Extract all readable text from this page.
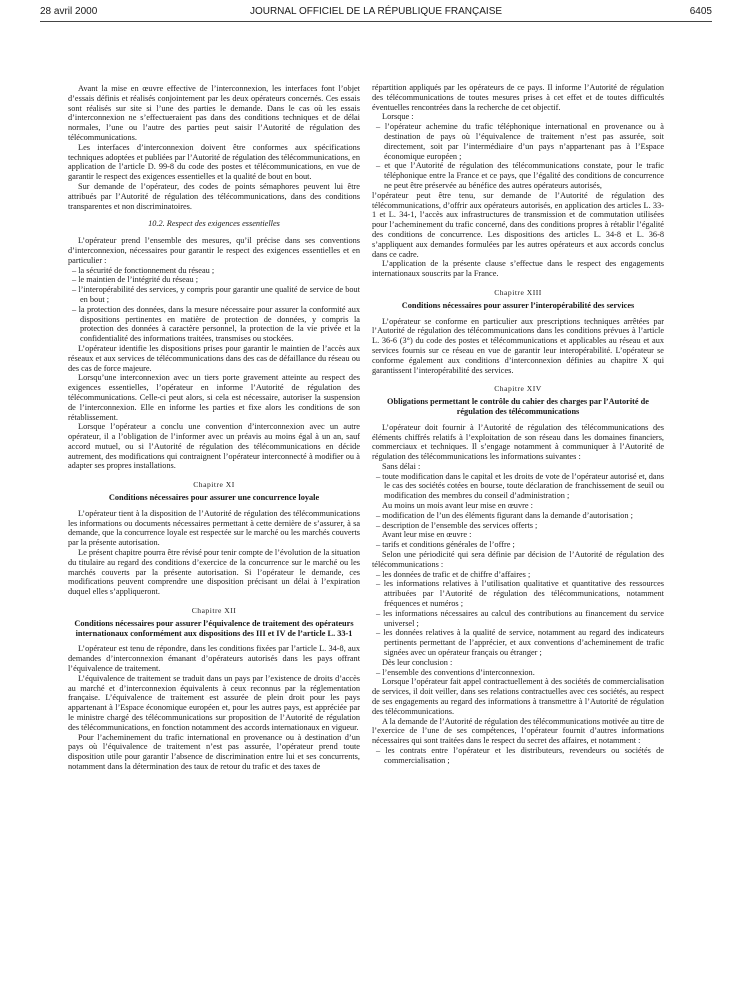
JOURNAL OFFICIEL DE LA RÉPUBLIQUE FRANÇAISE
28 avril 2000	6405

Avant la mise en œuvre effective de l’interconnexion, les interfaces font l’objet d’essais définis et réalisés conjointement par les deux opérateurs concernés. Ces essais sont réalisés sur site si l’une des parties le demande. Dans le cas où les essais d’interconnexion ne s’effectueraient pas dans des conditions techniques et de délai normales, l’une ou l’autre des parties peut saisir l’Autorité de régulation des télécommunications.

Les interfaces d’interconnexion doivent être conformes aux spécifications techniques adoptées et publiées par l’Autorité de régulation des télécommunications, en application de l’article D. 99-8 du code des postes et télécommunications, en vue de garantir le respect des exigences essentielles et la qualité de bout en bout.

Sur demande de l’opérateur, des codes de points sémaphores peuvent lui être attribués par l’Autorité de régulation des télécommunications, dans des conditions transparentes et non discriminatoires.

10.2. Respect des exigences essentielles

L’opérateur prend l’ensemble des mesures, qu’il précise dans ses conventions d’interconnexion, nécessaires pour garantir le respect des exigences essentielles et en particulier :

– la sécurité de fonctionnement du réseau ;
– le maintien de l’intégrité du réseau ;
– l’interopérabilité des services, y compris pour garantir une qualité de service de bout en bout ;
– la protection des données, dans la mesure nécessaire pour assurer la conformité aux dispositions pertinentes en matière de protection de données, y compris la protection des données à caractère personnel, la protection de la vie privée et la confidentialité des informations traitées, transmises ou stockées.

L’opérateur identifie les dispositions prises pour garantir le maintien de l’accès aux réseaux et aux services de télécommunications dans des cas de défaillance du réseau ou des cas de force majeure.

Lorsqu’une interconnexion avec un tiers porte gravement atteinte au respect des exigences essentielles, l’opérateur en informe l’Autorité de régulation des télécommunications. Celle-ci peut alors, si cela est nécessaire, autoriser la suspension de l’interconnexion. Elle en informe les parties et fixe alors les conditions de son rétablissement.

Lorsque l’opérateur a conclu une convention d’interconnexion avec un autre opérateur, il a l’obligation de l’informer avec un préavis au moins égal à un an, sauf accord mutuel, ou si l’Autorité de régulation des télécommunications en décide autrement, des modifications qui contraignent l’opérateur interconnecté à modifier ou à adapter ses propres installations.

Chapitre XI
Conditions nécessaires pour assurer une concurrence loyale

L’opérateur tient à la disposition de l’Autorité de régulation des télécommunications les informations ou documents nécessaires permettant à cette dernière de s’assurer, à sa demande, que la concurrence loyale est respectée sur le marché ou les marchés couverts par la présente autorisation.

Le présent chapitre pourra être révisé pour tenir compte de l’évolution de la situation du titulaire au regard des conditions d’exercice de la concurrence sur le marché ou les marchés couverts par la présente autorisation. Si l’opérateur le demande, ces modifications peuvent comprendre une disposition précisant un délai à l’expiration duquel elles s’appliqueront.

Chapitre XII
Conditions nécessaires pour assurer l’équivalence de traitement des opérateurs internationaux conformément aux dispositions des III et IV de l’article L. 33-1

L’opérateur est tenu de répondre, dans les conditions fixées par l’article L. 34-8, aux demandes d’interconnexion émanant d’opérateurs autorisés dans les pays offrant l’équivalence de traitement.

L’équivalence de traitement se traduit dans un pays par l’existence de droits d’accès au marché et d’interconnexion équivalents à ceux reconnus par la réglementation française. L’équivalence de traitement est assurée de plein droit pour les pays appartenant à l’Espace économique européen et, pour les autres pays, est appréciée par le ministre chargé des télécommunications sur proposition de l’Autorité de régulation des télécommunications, en fonction notamment des accords internationaux en vigueur.

Pour l’acheminement du trafic international en provenance ou à destination d’un pays où l’équivalence de traitement n’est pas assurée, l’opérateur prend toute disposition utile pour garantir l’absence de discrimination entre lui et ses concurrents, notamment dans la détermination des taux de retour du trafic et des taxes de

répartition appliqués par les opérateurs de ce pays. Il informe l’Autorité de régulation des télécommunications de toutes mesures prises à cet effet et de toutes difficultés éventuelles rencontrées dans la recherche de cet objectif.

Lorsque :

– l’opérateur achemine du trafic téléphonique international en provenance ou à destination de pays où l’équivalence de traitement n’est pas assurée, soit directement, soit par l’intermédiaire d’un pays n’appartenant pas à l’Espace économique européen ;
– et que l’Autorité de régulation des télécommunications constate, pour le trafic téléphonique entre la France et ce pays, que l’égalité des conditions de concurrence ne peut être préservée au bénéfice des autres opérateurs autorisés,

l’opérateur peut être tenu, sur demande de l’Autorité de régulation des télécommunications, d’offrir aux opérateurs autorisés, en application des articles L. 33-1 et L. 34-1, l’accès aux infrastructures de transmission et de commutation utilisées pour l’acheminement du trafic concerné, dans des conditions propres à rétablir l’égalité des conditions de concurrence. Les dispositions des articles L. 34-8 et L. 36-8 s’appliquent aux demandes formulées par les autres opérateurs et aux accords conclus dans ce cadre.

L’application de la présente clause s’effectue dans le respect des engagements internationaux souscrits par la France.

Chapitre XIII
Conditions nécessaires pour assurer l’interopérabilité des services

L’opérateur se conforme en particulier aux prescriptions techniques arrêtées par l’Autorité de régulation des télécommunications dans les conditions prévues à l’article L. 36-6 (3°) du code des postes et télécommunications et applicables au réseau et aux services fournis sur ce réseau en vue de garantir leur interopérabilité. L’opérateur se conforme également aux conditions d’interconnexion définies au chapitre X qui garantissent l’interopérabilité des services.

Chapitre XIV
Obligations permettant le contrôle du cahier des charges par l’Autorité de régulation des télécommunications

L’opérateur doit fournir à l’Autorité de régulation des télécommunications des éléments chiffrés relatifs à l’exploitation de son réseau dans les domaines financiers, commerciaux et techniques. Il s’engage notamment à communiquer à l’Autorité de régulation des télécommunications les informations suivantes :

Sans délai :

– toute modification dans le capital et les droits de vote de l’opérateur autorisé et, dans le cas des sociétés cotées en bourse, toute déclaration de franchissement de seuil ou modification des membres du conseil d’administration ;

Au moins un mois avant leur mise en œuvre :

– modification de l’un des éléments figurant dans la demande d’autorisation ;
– description de l’ensemble des services offerts ;

Avant leur mise en œuvre :

– tarifs et conditions générales de l’offre ;

Selon une périodicité qui sera définie par décision de l’Autorité de régulation des télécommunications :

– les données de trafic et de chiffre d’affaires ;
– les informations relatives à l’utilisation qualitative et quantitative des ressources attribuées par l’Autorité de régulation des télécommunications, notamment fréquences et numéros ;
– les informations nécessaires au calcul des contributions au financement du service universel ;
– les données relatives à la qualité de service, notamment au regard des indicateurs pertinents permettant de l’apprécier, et aux conventions d’acheminement de trafic signées avec un opérateur français ou étranger ;

Dès leur conclusion :

– l’ensemble des conventions d’interconnexion.

Lorsque l’opérateur fait appel contractuellement à des sociétés de commercialisation de services, il doit veiller, dans ses relations contractuelles avec ces sociétés, au respect de ses engagements au regard des informations à transmettre à l’Autorité de régulation des télécommunications.

A la demande de l’Autorité de régulation des télécommunications motivée au titre de l’exercice de l’une de ses compétences, l’opérateur fournit d’autres informations nécessaires qui sont traitées dans le respect du secret des affaires, et notamment :

– les contrats entre l’opérateur et les distributeurs, revendeurs ou sociétés de commercialisation ;
